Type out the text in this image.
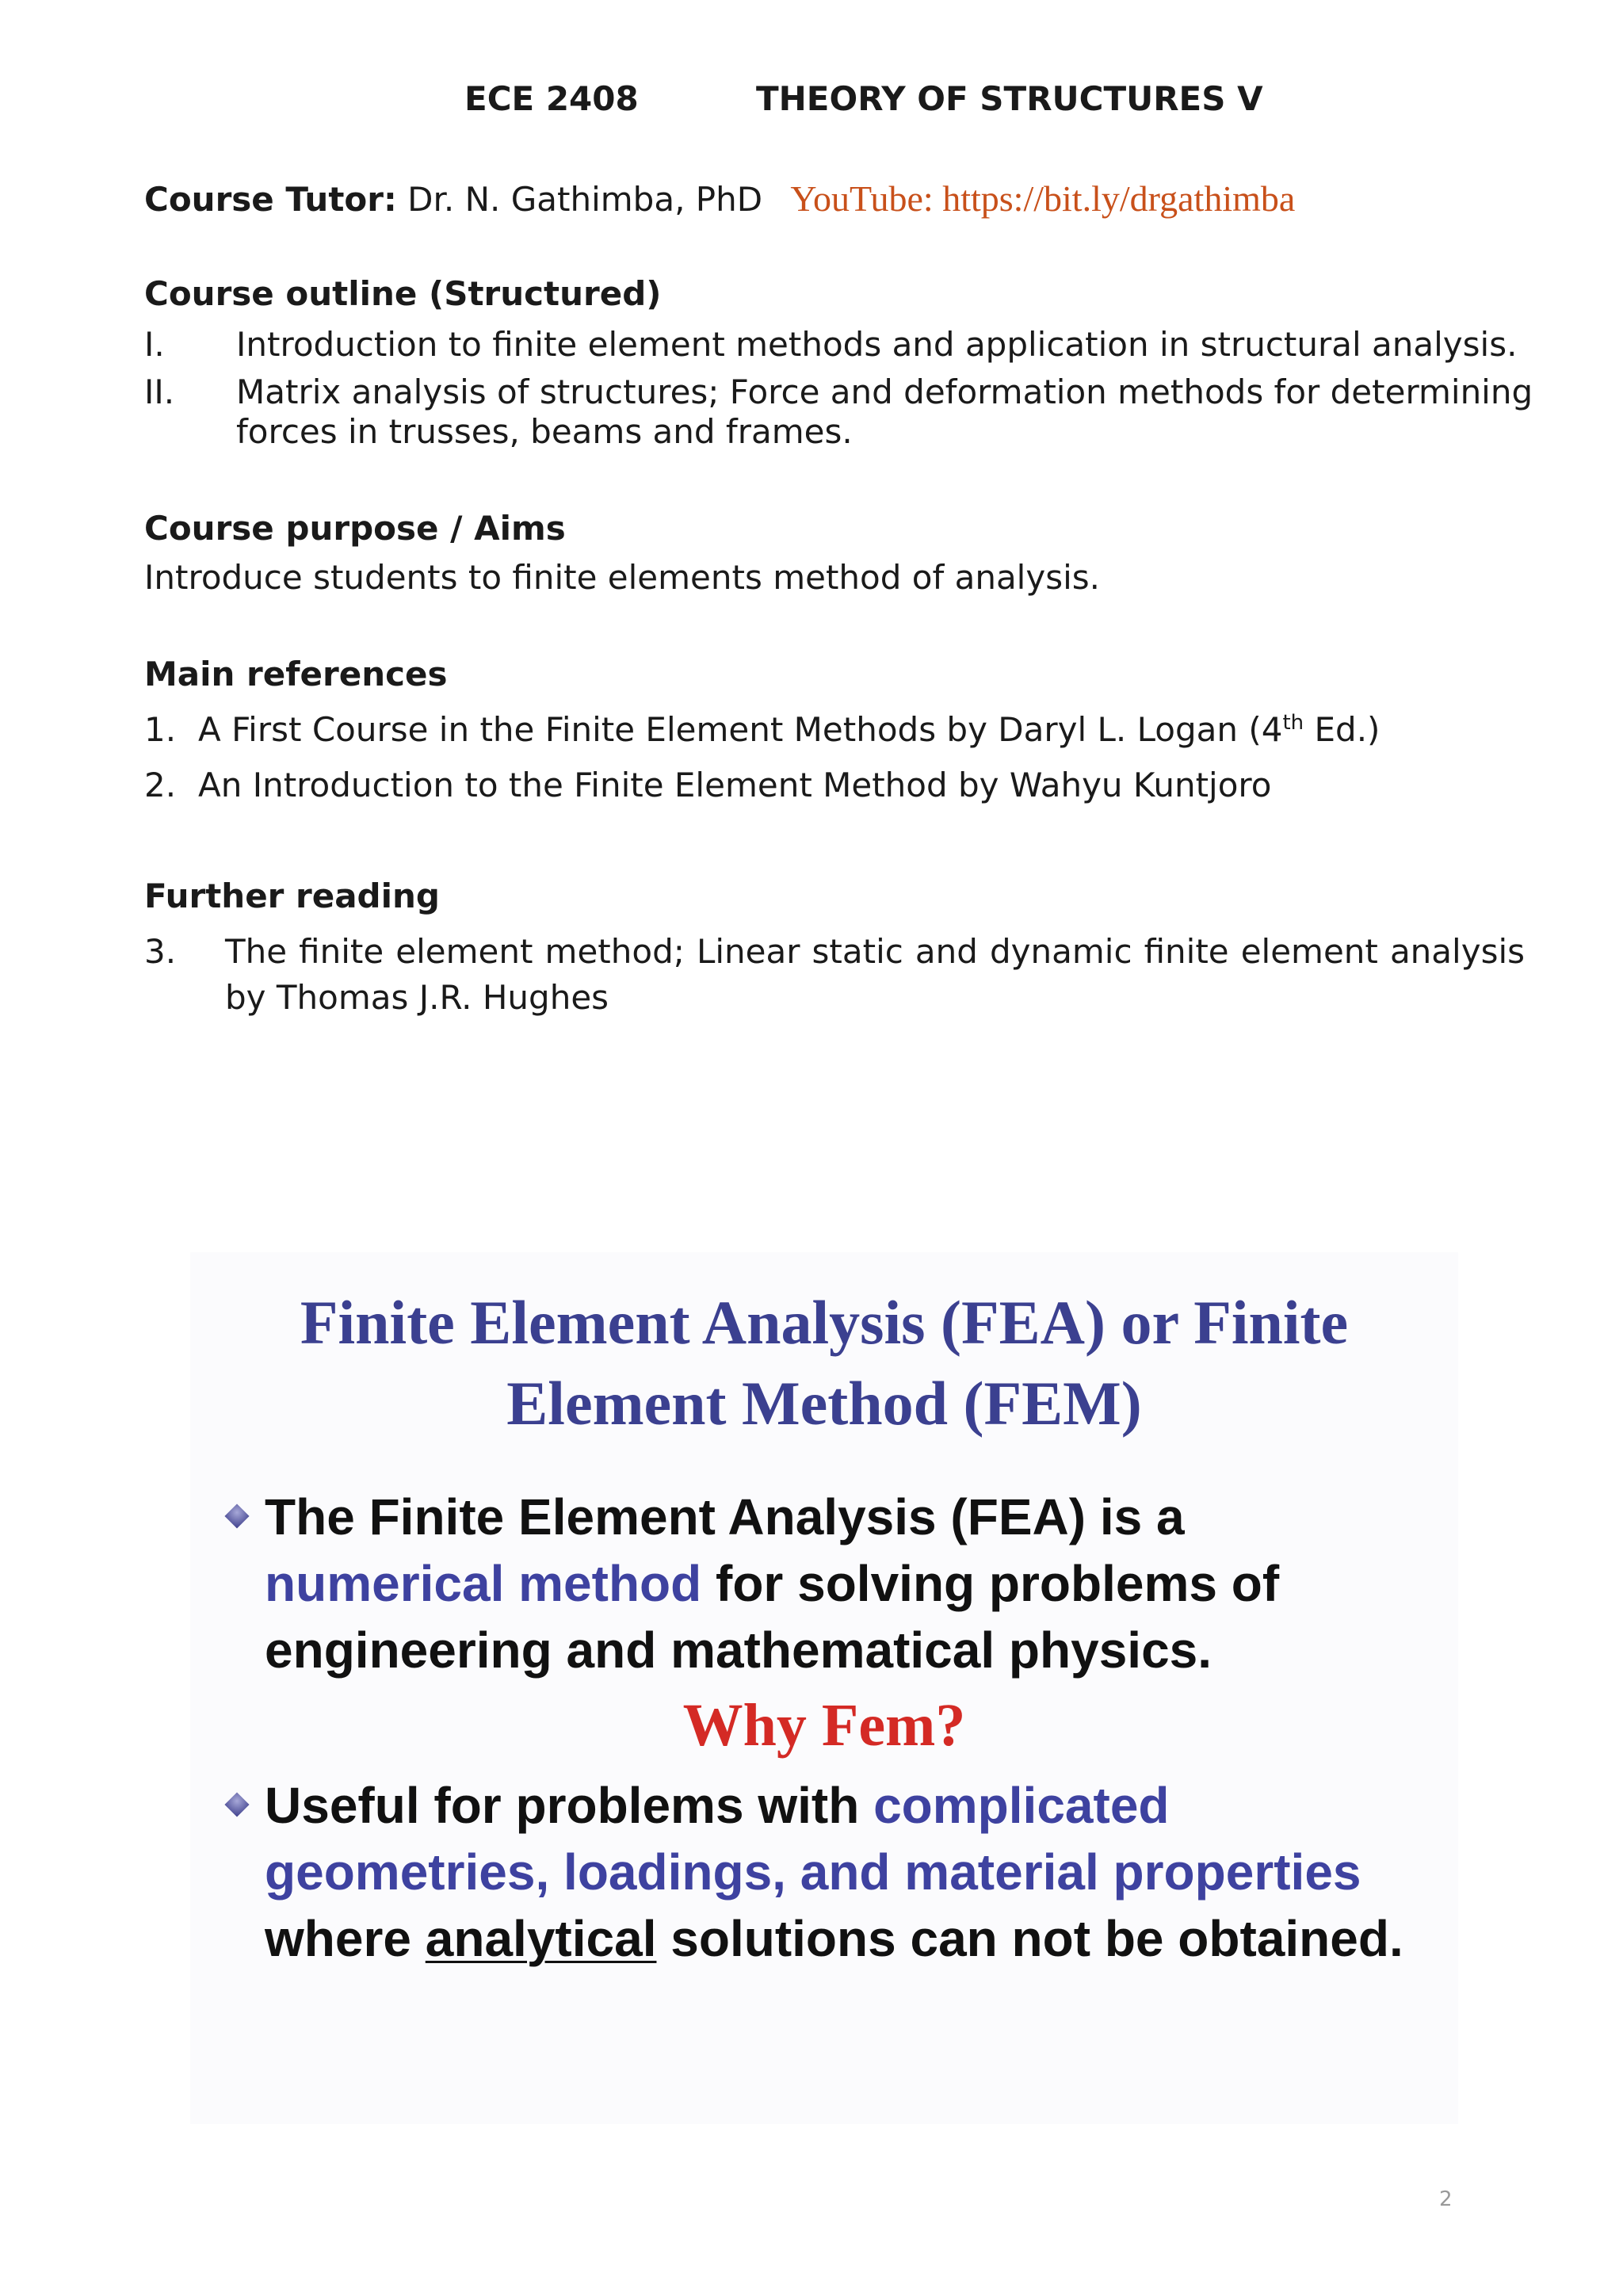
ECE 2408	THEORY OF STRUCTURES V
Course Tutor: Dr. N. Gathimba, PhD YouTube: https://bit.ly/drgathimba
Course outline (Structured)
I. Introduction to finite element methods and application in structural analysis.
II. Matrix analysis of structures; Force and deformation methods for determining forces in trusses, beams and frames.
Course purpose / Aims
Introduce students to finite elements method of analysis.
Main references
1. A First Course in the Finite Element Methods by Daryl L. Logan (4th Ed.)
2. An Introduction to the Finite Element Method by Wahyu Kuntjoro
Further reading
3. The finite element method; Linear static and dynamic finite element analysis by Thomas J.R. Hughes
Finite Element Analysis (FEA) or Finite
Element Method (FEM)
The Finite Element Analysis (FEA) is a
numerical method for solving problems of engineering and mathematical physics.
Why Fem?
Useful for problems with complicated geometries, loadings, and material properties where analytical solutions can not be obtained.
2
